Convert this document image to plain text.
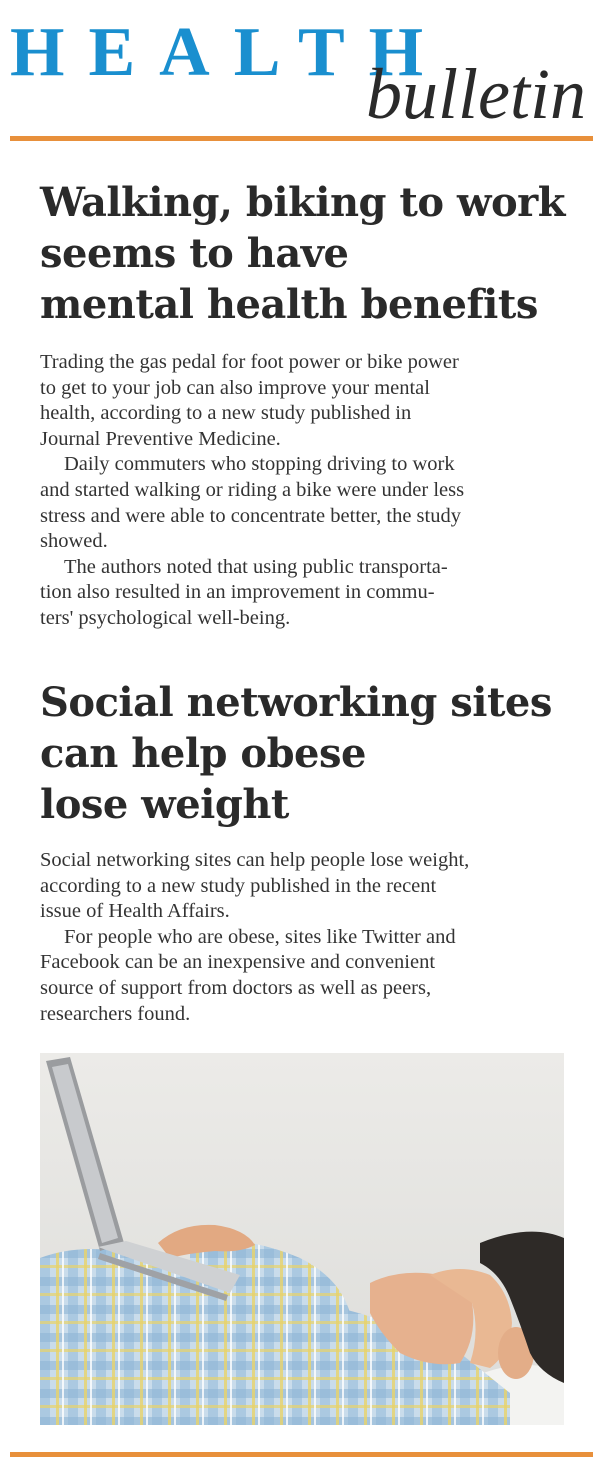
HEALTH
bulletin
Walking, biking to work
seems to have
mental health benefits
Trading the gas pedal for foot power or bike power
to get to your job can also improve your mental
health, according to a new study published in
Journal Preventive Medicine.
Daily commuters who stopping driving to work
and started walking or riding a bike were under less
stress and were able to concentrate better, the study
showed.
The authors noted that using public transporta-
tion also resulted in an improvement in commu-
ters' psychological well-being.
Social networking sites
can help obese
lose weight
Social networking sites can help people lose weight,
according to a new study published in the recent
issue of Health Affairs.
For people who are obese, sites like Twitter and
Facebook can be an inexpensive and convenient
source of support from doctors as well as peers,
researchers found.
